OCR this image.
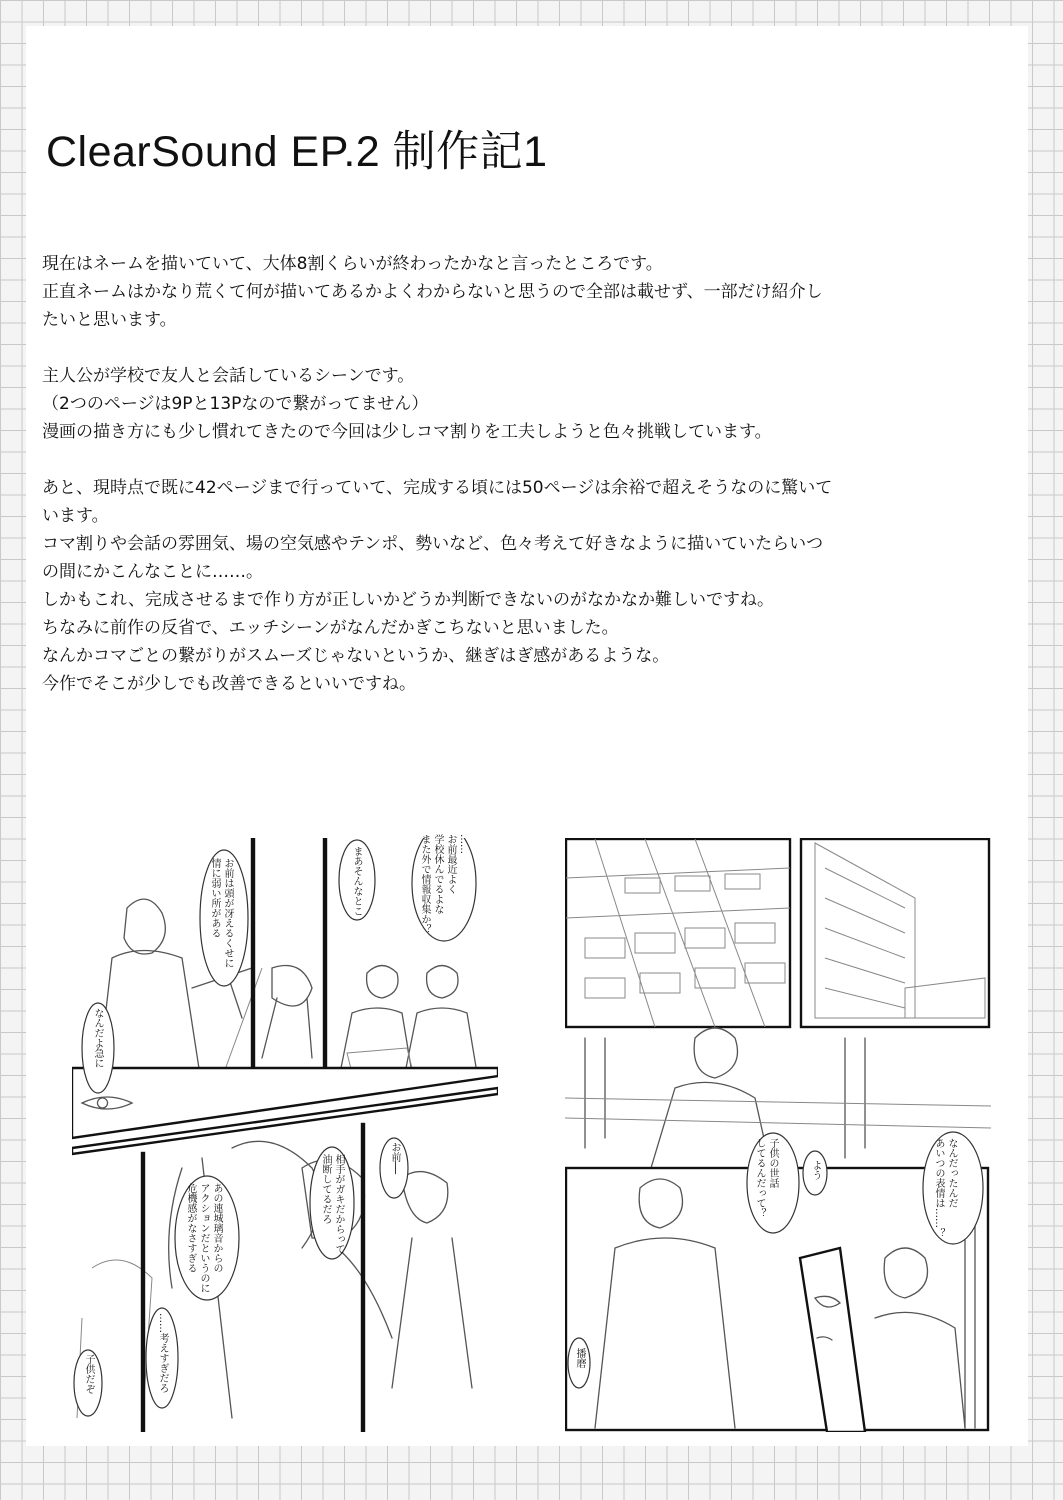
ClearSound EP.2 制作記1

現在はネームを描いていて、大体8割くらいが終わったかなと言ったところです。

正直ネームはかなり荒くて何が描いてあるかよくわからないと思うので全部は載せず、一部だけ紹介し

たいと思います。

主人公が学校で友人と会話しているシーンです。

（2つのページは9Pと13Pなので繋がってません）

漫画の描き方にも少し慣れてきたので今回は少しコマ割りを工夫しようと色々挑戦しています。

あと、現時点で既に42ページまで行っていて、完成する頃には50ページは余裕で超えそうなのに驚いて

います。

コマ割りや会話の雰囲気、場の空気感やテンポ、勢いなど、色々考えて好きなように描いていたらいつ

の間にかこんなことに……。

しかもこれ、完成させるまで作り方が正しいかどうか判断できないのがなかなか難しいですね。

ちなみに前作の反省で、エッチシーンがなんだかぎこちないと思いました。

なんかコマごとの繋がりがスムーズじゃないというか、継ぎはぎ感があるような。

今作でそこが少しでも改善できるといいですね。

お前は頭が冴えるくせに
情に弱い所がある	まあそんなとこ
……
お前最近よく
学校休んでるよな
また外で情報収集か？
なんだよ急に
お前──
相手がガキだからって
油断してるだろ
あの連城璃音からの
アクションだというのに
危機感がなさすぎる
……考えすぎだろ
子供だぞ
子供の世話
してるんだって？	よう	なんだったんだ
あいつの表情は……？
播磨
